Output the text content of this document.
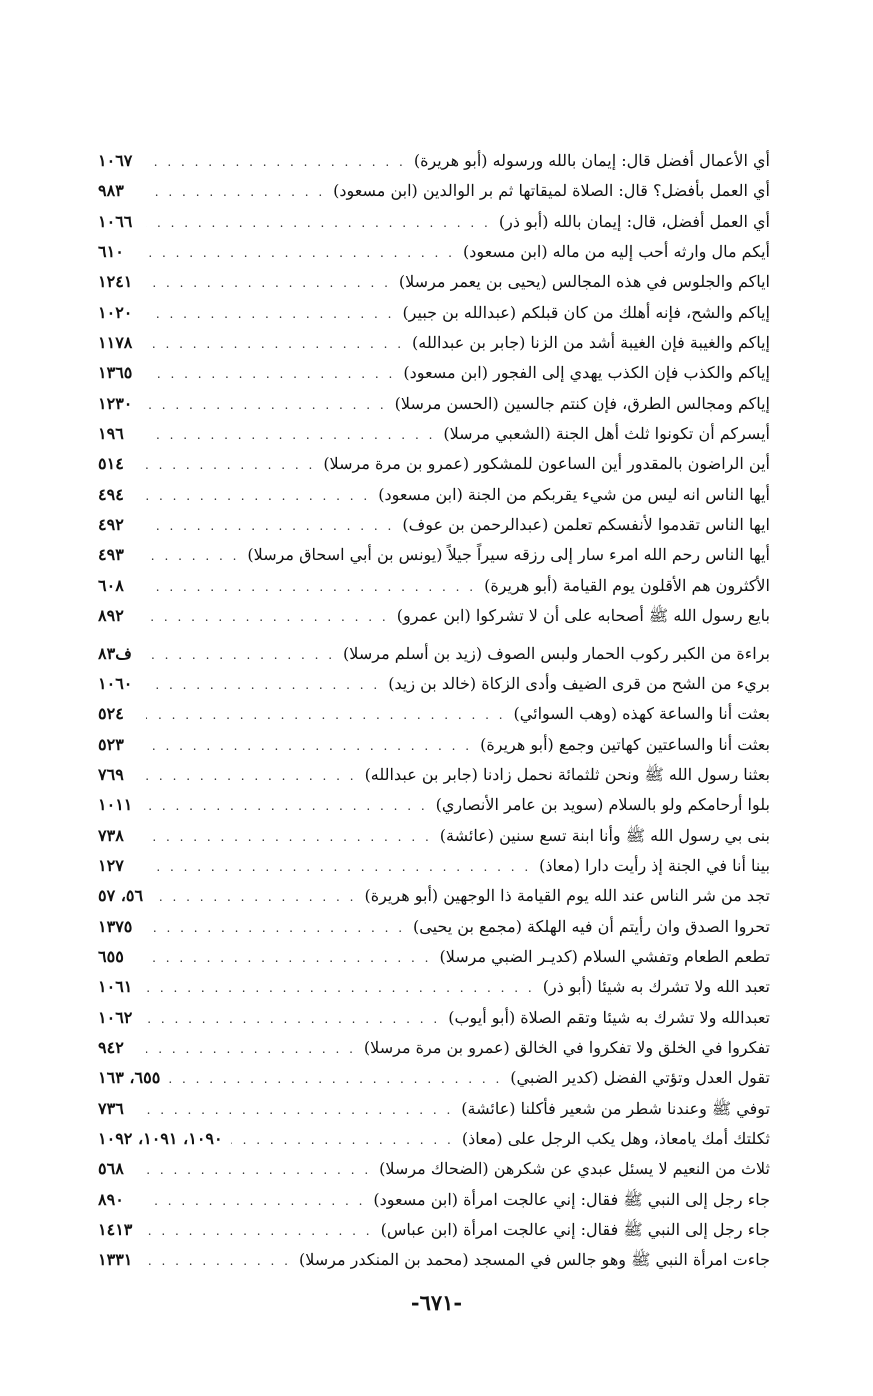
أي الأعمال أفضل قال: إيمان بالله ورسوله (أبو هريرة)
. . .
١٠٦٧
أي العمل بأفضل؟ قال: الصلاة لميقاتها ثم بر الوالدين (ابن مسعود)
. . .
٩٨٣
أي العمل أفضل، قال: إيمان بالله (أبو ذر)
. . .
١٠٦٦
أيكم مال وارثه أحب إليه من ماله (ابن مسعود)
. . .
٦١٠
اياكم والجلوس في هذه المجالس (يحيى بن يعمر مرسلا)
. . .
١٢٤١
إياكم والشح، فإنه أهلك من كان قبلكم (عبدالله بن جبير)
. . .
١٠٢٠
إياكم والغيبة فإن الغيبة أشد من الزنا (جابر بن عبدالله)
. . .
١١٧٨
إياكم والكذب فإن الكذب يهدي إلى الفجور (ابن مسعود)
. . .
١٣٦٥
إياكم ومجالس الطرق، فإن كنتم جالسين (الحسن مرسلا)
. . .
١٢٣٠
أيسركم أن تكونوا ثلث أهل الجنة (الشعبي مرسلا)
. . .
١٩٦
أين الراضون بالمقدور أين الساعون للمشكور (عمرو بن مرة مرسلا)
. . .
٥١٤
أيها الناس انه ليس من شيء يقربكم من الجنة (ابن مسعود)
. . .
٤٩٤
ايها الناس تقدموا لأنفسكم تعلمن (عبدالرحمن بن عوف)
. . .
٤٩٢
أيها الناس رحم الله امرء سار إلى رزقه سيراً جيلاً (يونس بن أبي اسحاق مرسلا)
. . .
٤٩٣
الأكثرون هم الأقلون يوم القيامة (أبو هريرة)
. . .
٦٠٨
بايع رسول الله ﷺ أصحابه على أن لا تشركوا (ابن عمرو)
. . .
٨٩٢
براءة من الكبر ركوب الحمار ولبس الصوف (زيد بن أسلم مرسلا)
. . .
ف٨٣
بريء من الشح من قرى الضيف وأدى الزكاة (خالد بن زيد)
. . .
١٠٦٠
بعثت أنا والساعة كهذه (وهب السوائي)
. . .
٥٢٤
بعثت أنا والساعتين كهاتين وجمع (أبو هريرة)
. . .
٥٢٣
بعثنا رسول الله ﷺ ونحن ثلثمائة نحمل زادنا (جابر بن عبدالله)
. . .
٧٦٩
بلوا أرحامكم ولو بالسلام (سويد بن عامر الأنصاري)
. . .
١٠١١
بنى بي رسول الله ﷺ وأنا ابنة تسع سنين (عائشة)
. . .
٧٣٨
بينا أنا في الجنة إذ رأيت دارا (معاذ)
. . .
١٢٧
تجد من شر الناس عند الله يوم القيامة ذا الوجهين (أبو هريرة)
. . .
٥٦، ٥٧
تحروا الصدق وان رأيتم أن فيه الهلكة (مجمع بن يحيى)
. . .
١٣٧٥
تطعم الطعام وتفشي السلام (كديـر الضبي مرسلا)
. . .
٦٥٥
تعبد الله ولا تشرك به شيئا (أبو ذر)
. . .
١٠٦١
تعبدالله ولا تشرك به شيئا وتقم الصلاة (أبو أيوب)
. . .
١٠٦٢
تفكروا في الخلق ولا تفكروا في الخالق (عمرو بن مرة مرسلا)
. . .
٩٤٢
تقول العدل وتؤتي الفضل (كدير الضبي)
. . .
٦٥٥، ١٦٣
توفي ﷺ وعندنا شطر من شعير فأكلنا (عائشة)
. . .
٧٣٦
ثكلتك أمك يامعاذ، وهل يكب الرجل على (معاذ)
. . .
١٠٩٠، ١٠٩١، ١٠٩٢
ثلاث من النعيم لا يسئل عبدي عن شكرهن (الضحاك مرسلا)
. . .
٥٦٨
جاء رجل إلى النبي ﷺ فقال: إني عالجت امرأة (ابن مسعود)
. . .
٨٩٠
جاء رجل إلى النبي ﷺ فقال: إني عالجت امرأة (ابن عباس)
. . .
١٤١٣
جاءت امرأة النبي ﷺ وهو جالس في المسجد (محمد بن المنكدر مرسلا)
. . .
١٣٣١
-٦٧١-
